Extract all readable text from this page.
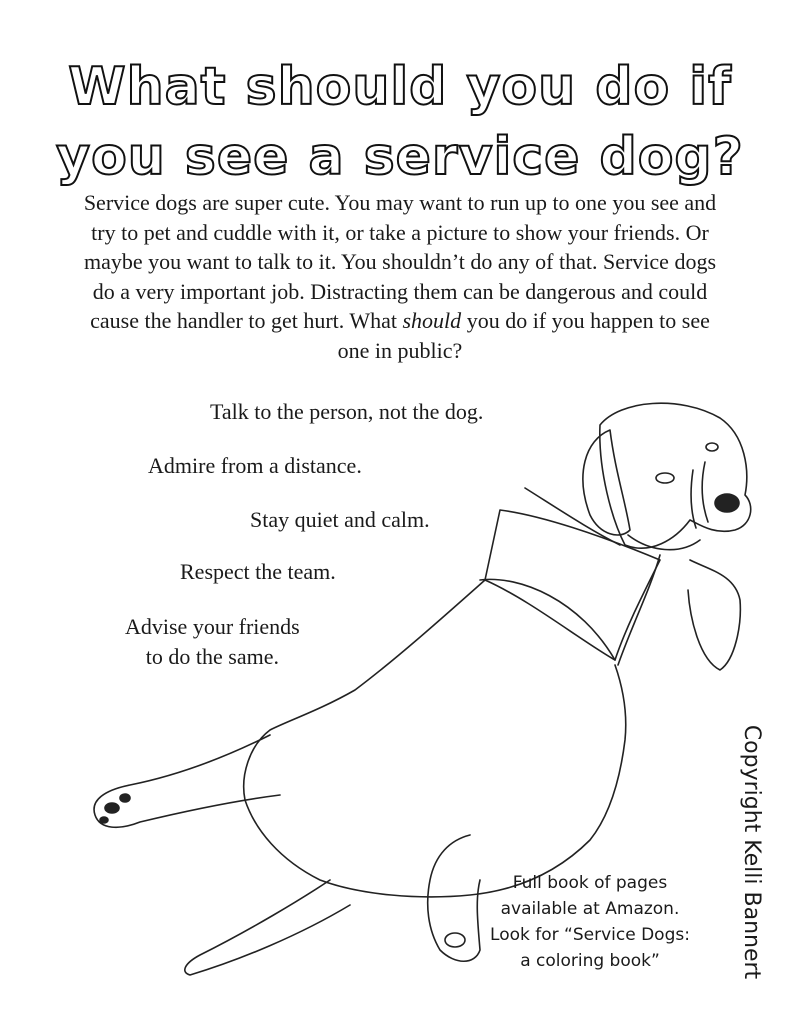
What should you do if
you see a service dog?

Service dogs are super cute. You may want to run up to one you see and try to pet and cuddle with it, or take a picture to show your friends. Or maybe you want to talk to it. You shouldn’t do any of that. Service dogs do a very important job. Distracting them can be dangerous and could cause the handler to get hurt. What should you do if you happen to see one in public?

Talk to the person, not the dog.

Admire from a distance.

Stay quiet and calm.

Respect the team.

Advise your friends
to do the same.

Full book of pages
available at Amazon.
Look for “Service Dogs:
a coloring book”	Copyright Kelli Bannert
